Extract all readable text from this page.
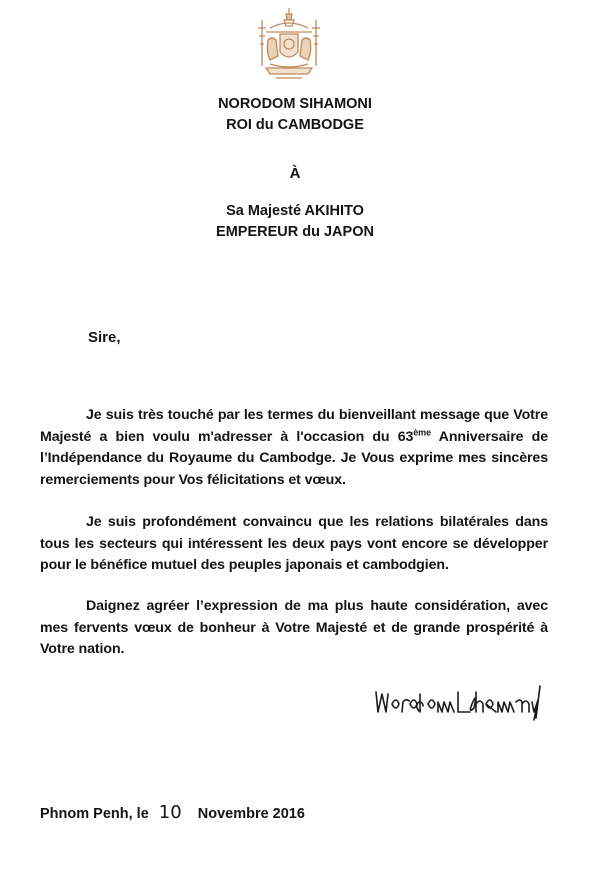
NORODOM SIHAMONI
ROI du CAMBODGE
À
Sa Majesté AKIHITO
EMPEREUR du JAPON
Sire,
Je suis très touché par les termes du bienveillant message que Votre Majesté a bien voulu m'adresser à l'occasion du 63ème Anniversaire de l’Indépendance du Royaume du Cambodge. Je Vous exprime mes sincères remerciements pour Vos félicitations et vœux.
Je suis profondément convaincu que les relations bilatérales dans tous les secteurs qui intéressent les deux pays vont encore se développer pour le bénéfice mutuel des peuples japonais et cambodgien.
Daignez agréer l’expression de ma plus haute considération, avec mes fervents vœux de bonheur à Votre Majesté et de grande prospérité à Votre nation.
Phnom Penh, le 10 Novembre 2016
